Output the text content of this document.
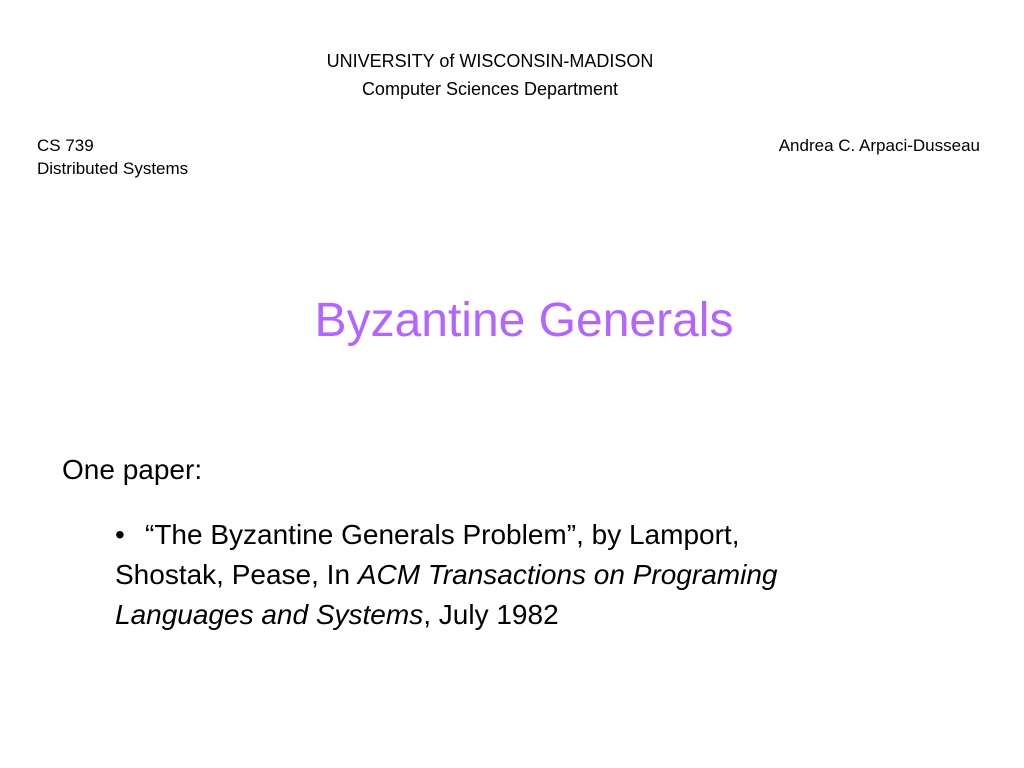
UNIVERSITY of WISCONSIN-MADISON
Computer Sciences Department
CS 739
Distributed Systems
Andrea C. Arpaci-Dusseau
Byzantine Generals
One paper:
• “The Byzantine Generals Problem”, by Lamport,
Shostak, Pease, In ACM Transactions on Programing
Languages and Systems, July 1982
